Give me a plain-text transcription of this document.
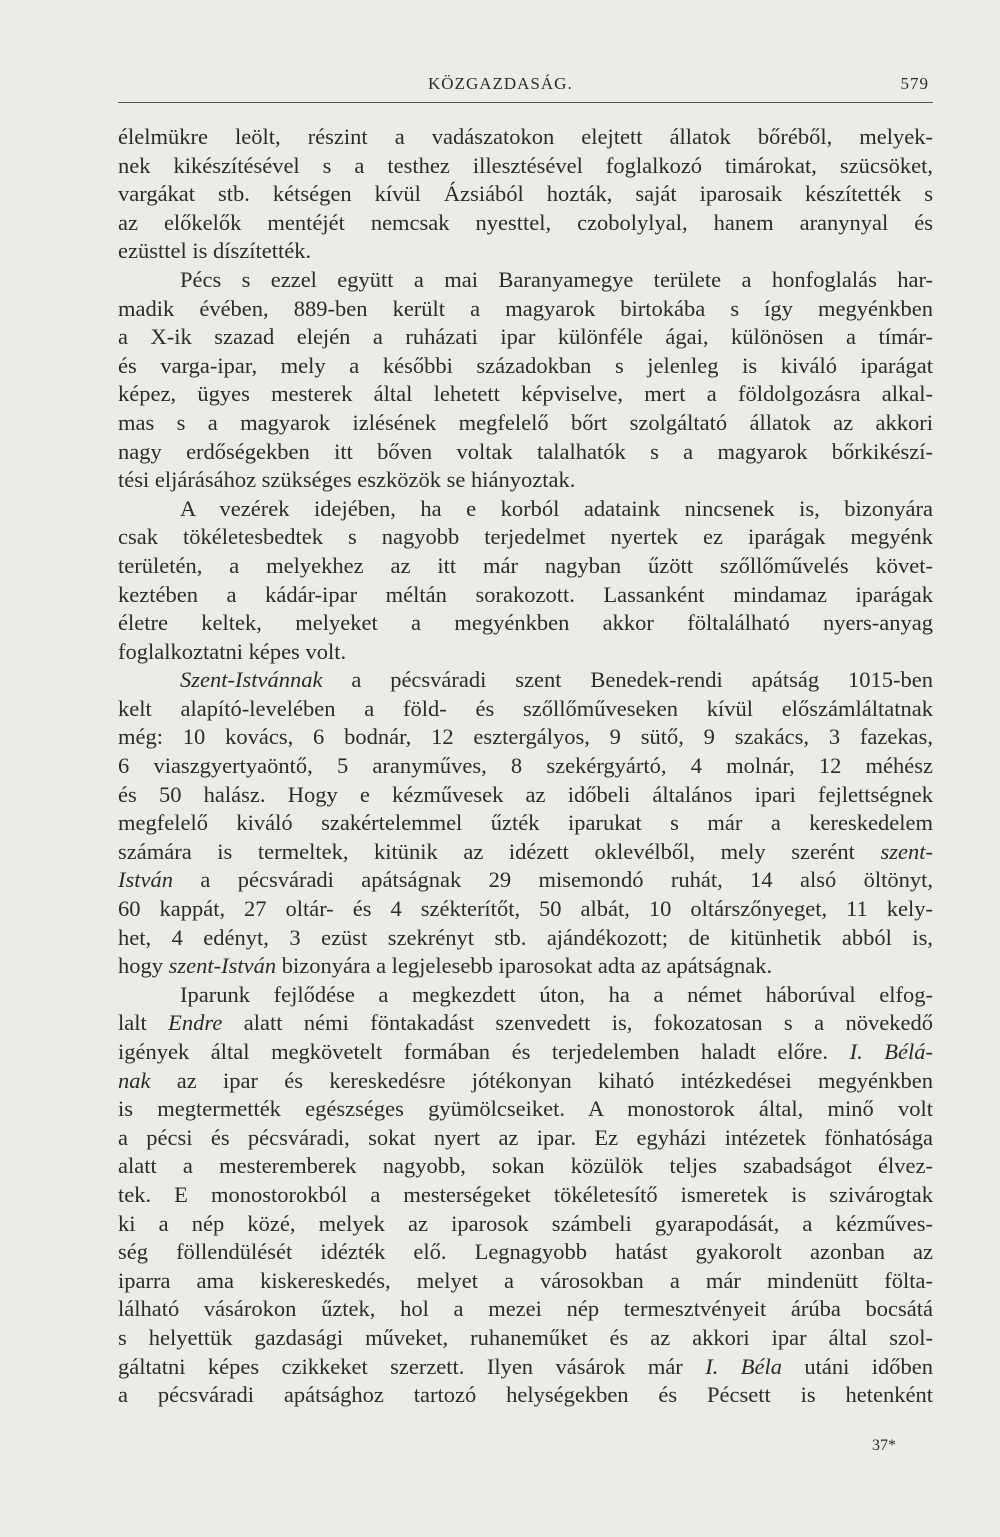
KÖZGAZDASÁG.	579
élelmükre leölt, részint a vadászatokon elejtett állatok bőréből, melyek-
nek kikészítésével s a testhez illesztésével foglalkozó timárokat, szücsöket,
vargákat stb. kétségen kívül Ázsiából hozták, saját iparosaik készítették s
az előkelők mentéjét nemcsak nyesttel, czobolylyal, hanem aranynyal és
ezüsttel is díszítették.
Pécs s ezzel együtt a mai Baranyamegye területe a honfoglalás har-
madik évében, 889-ben került a magyarok birtokába s így megyénkben
a X-ik szazad elején a ruházati ipar különféle ágai, különösen a tímár-
és varga-ipar, mely a későbbi századokban s jelenleg is kiváló iparágat
képez, ügyes mesterek által lehetett képviselve, mert a földolgozásra alkal-
mas s a magyarok izlésének megfelelő bőrt szolgáltató állatok az akkori
nagy erdőségekben itt bőven voltak talalhatók s a magyarok bőrkikészí-
tési eljárásához szükséges eszközök se hiányoztak.
A vezérek idejében, ha e korból adataink nincsenek is, bizonyára
csak tökéletesbedtek s nagyobb terjedelmet nyertek ez iparágak megyénk
területén, a melyekhez az itt már nagyban űzött szőllőművelés követ-
keztében a kádár-ipar méltán sorakozott. Lassanként mindamaz iparágak
életre keltek, melyeket a megyénkben akkor föltalálható nyers-anyag
foglalkoztatni képes volt.
Szent-Istvánnak a pécsváradi szent Benedek-rendi apátság 1015-ben
kelt alapító-levelében a föld- és szőllőműveseken kívül előszámláltatnak
még: 10 kovács, 6 bodnár, 12 esztergályos, 9 sütő, 9 szakács, 3 fazekas,
6 viaszgyertyaöntő, 5 aranyműves, 8 szekérgyártó, 4 molnár, 12 méhész
és 50 halász. Hogy e kézművesek az időbeli általános ipari fejlettségnek
megfelelő kiváló szakértelemmel űzték iparukat s már a kereskedelem
számára is termeltek, kitünik az idézett oklevélből, mely szerént szent-
István a pécsváradi apátságnak 29 misemondó ruhát, 14 alsó öltönyt,
60 kappát, 27 oltár- és 4 székterítőt, 50 albát, 10 oltárszőnyeget, 11 kely-
het, 4 edényt, 3 ezüst szekrényt stb. ajándékozott; de kitünhetik abból is,
hogy szent-István bizonyára a legjelesebb iparosokat adta az apátságnak.
Iparunk fejlődése a megkezdett úton, ha a német háborúval elfog-
lalt Endre alatt némi föntakadást szenvedett is, fokozatosan s a növekedő
igények által megkövetelt formában és terjedelemben haladt előre. I. Bélá-
nak az ipar és kereskedésre jótékonyan kiható intézkedései megyénkben
is megtermették egészséges gyümölcseiket. A monostorok által, minő volt
a pécsi és pécsváradi, sokat nyert az ipar. Ez egyházi intézetek fönhatósága
alatt a mesteremberek nagyobb, sokan közülök teljes szabadságot élvez-
tek. E monostorokból a mesterségeket tökéletesítő ismeretek is szivárogtak
ki a nép közé, melyek az iparosok számbeli gyarapodását, a kézműves-
ség föllendülését idézték elő. Legnagyobb hatást gyakorolt azonban az
iparra ama kiskereskedés, melyet a városokban a már mindenütt fölta-
lálható vásárokon űztek, hol a mezei nép termesztvényeit árúba bocsátá
s helyettük gazdasági műveket, ruhaneműket és az akkori ipar által szol-
gáltatni képes czikkeket szerzett. Ilyen vásárok már I. Béla utáni időben
a pécsváradi apátsághoz tartozó helységekben és Pécsett is hetenként
37*
